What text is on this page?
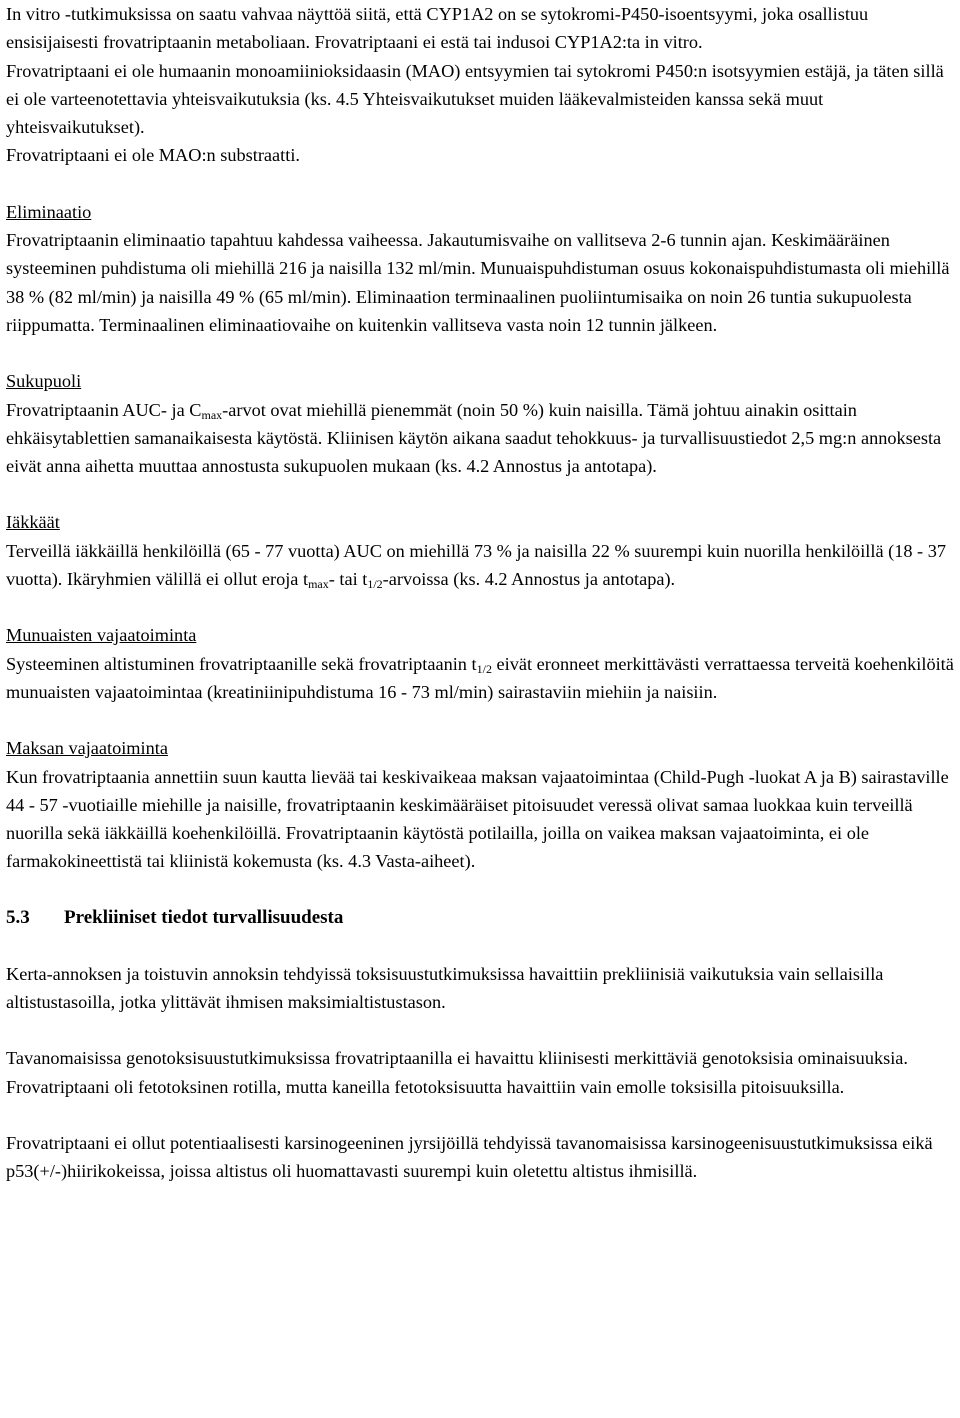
In vitro -tutkimuksissa on saatu vahvaa näyttöä siitä, että CYP1A2 on se sytokromi-P450-isoentsyymi, joka osallistuu ensisijaisesti frovatriptaanin metaboliaan. Frovatriptaani ei estä tai indusoi CYP1A2:ta in vitro.

Frovatriptaani ei ole humaanin monoamiinioksidaasin (MAO) entsyymien tai sytokromi P450:n isotsyymien estäjä, ja täten sillä ei ole varteenotettavia yhteisvaikutuksia (ks. 4.5 Yhteisvaikutukset muiden lääkevalmisteiden kanssa sekä muut yhteisvaikutukset).

Frovatriptaani ei ole MAO:n substraatti.

Eliminaatio

Frovatriptaanin eliminaatio tapahtuu kahdessa vaiheessa. Jakautumisvaihe on vallitseva 2-6 tunnin ajan. Keskimääräinen systeeminen puhdistuma oli miehillä 216 ja naisilla 132 ml/min. Munuaispuhdistuman osuus kokonaispuhdistumasta oli miehillä 38 % (82 ml/min) ja naisilla 49 % (65 ml/min). Eliminaation terminaalinen puoliintumisaika on noin 26 tuntia sukupuolesta riippumatta. Terminaalinen eliminaatiovaihe on kuitenkin vallitseva vasta noin 12 tunnin jälkeen.

Sukupuoli

Frovatriptaanin AUC- ja $C_{max}$-arvot ovat miehillä pienemmät (noin 50 %) kuin naisilla. Tämä johtuu ainakin osittain ehkäisytablettien samanaikaisesta käytöstä. Kliinisen käytön aikana saadut tehokkuus- ja turvallisuustiedot 2,5 mg:n annoksesta eivät anna aihetta muuttaa annostusta sukupuolen mukaan (ks. 4.2 Annostus ja antotapa).

Iäkkäät

Terveillä iäkkäillä henkilöillä (65 - 77 vuotta) AUC on miehillä 73 % ja naisilla 22 % suurempi kuin nuorilla henkilöillä (18 - 37 vuotta). Ikäryhmien välillä ei ollut eroja $t_{max}-$ tai $t_{1/2}$-arvoissa (ks. 4.2 Annostus ja antotapa).

Munuaisten vajaatoiminta

Systeeminen altistuminen frovatriptaanille sekä frovatriptaanin $t_{1/2}$ eivät eronneet merkittävästi verrattaessa terveitä koehenkilöitä munuaisten vajaatoimintaa (kreatiniinipuhdistuma 16 - 73 ml/min) sairastaviin miehiin ja naisiin.

Maksan vajaatoiminta

Kun frovatriptaania annettiin suun kautta lievää tai keskivaikeaa maksan vajaatoimintaa (Child-Pugh -luokat A ja B) sairastaville 44 - 57 -vuotiaille miehille ja naisille, frovatriptaanin keskimääräiset pitoisuudet veressä olivat samaa luokkaa kuin terveillä nuorilla sekä iäkkäillä koehenkilöillä. Frovatriptaanin käytöstä potilailla, joilla on vaikea maksan vajaatoiminta, ei ole farmakokineettistä tai kliinistä kokemusta (ks. 4.3 Vasta-aiheet).

5.3	Prekliiniset tiedot turvallisuudesta

Kerta-annoksen ja toistuvin annoksin tehdyissä toksisuustutkimuksissa havaittiin prekliinisiä vaikutuksia vain sellaisilla altistustasoilla, jotka ylittävät ihmisen maksimialtistustason.

Tavanomaisissa genotoksisuustutkimuksissa frovatriptaanilla ei havaittu kliinisesti merkittäviä genotoksisia ominaisuuksia. Frovatriptaani oli fetotoksinen rotilla, mutta kaneilla fetotoksisuutta havaittiin vain emolle toksisilla pitoisuuksilla.

Frovatriptaani ei ollut potentiaalisesti karsinogeeninen jyrsijöillä tehdyissä tavanomaisissa karsinogeenisuustutkimuksissa eikä p53(+/-)hiirikokeissa, joissa altistus oli huomattavasti suurempi kuin oletettu altistus ihmisillä.
